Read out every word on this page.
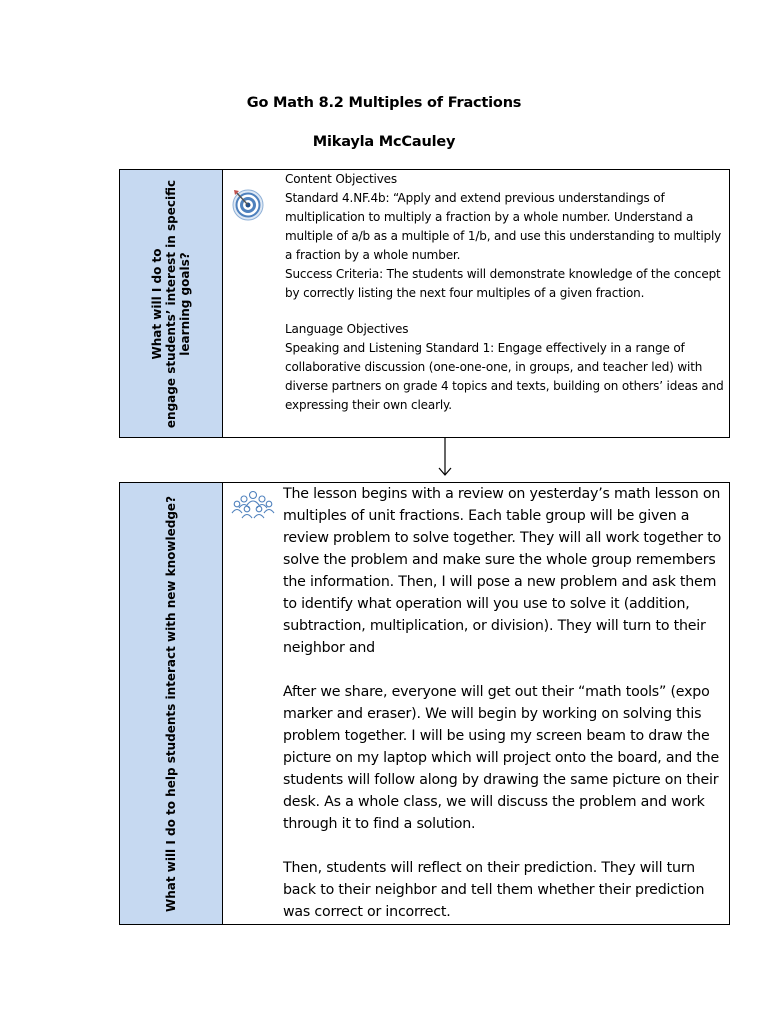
Go Math 8.2 Multiples of Fractions
Mikayla McCauley
What will I do to engage students’ interest in specific learning goals?

Content Objectives

Standard 4.NF.4b: “Apply and extend previous understandings of multiplication to multiply a fraction by a whole number. Understand a multiple of a/b as a multiple of 1/b, and use this understanding to multiply a fraction by a whole number.

Success Criteria: The students will demonstrate knowledge of the concept by correctly listing the next four multiples of a given fraction.

Language Objectives

Speaking and Listening Standard 1: Engage effectively in a range of collaborative discussion (one-one-one, in groups, and teacher led) with diverse partners on grade 4 topics and texts, building on others’ ideas and expressing their own clearly.

What will I do to help students interact with new knowledge?

The lesson begins with a review on yesterday’s math lesson on multiples of unit fractions. Each table group will be given a review problem to solve together. They will all work together to solve the problem and make sure the whole group remembers the information. Then, I will pose a new problem and ask them to identify what operation will you use to solve it (addition, subtraction, multiplication, or division). They will turn to their neighbor and

After we share, everyone will get out their “math tools” (expo marker and eraser). We will begin by working on solving this problem together. I will be using my screen beam to draw the picture on my laptop which will project onto the board, and the students will follow along by drawing the same picture on their desk. As a whole class, we will discuss the problem and work through it to find a solution.

Then, students will reflect on their prediction. They will turn back to their neighbor and tell them whether their prediction was correct or incorrect.
